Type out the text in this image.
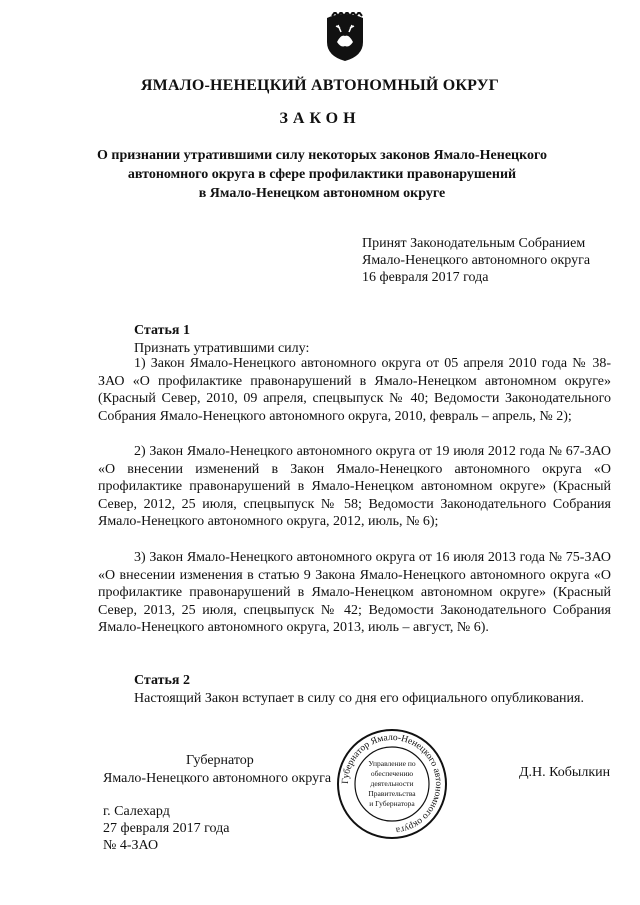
ЯМАЛО-НЕНЕЦКИЙ АВТОНОМНЫЙ ОКРУГ
ЗАКОН
О признании утратившими силу некоторых законов Ямало-Ненецкого
автономного округа в сфере профилактики правонарушений
в Ямало-Ненецком автономном округе
Принят Законодательным Собранием
Ямало-Ненецкого автономного округа
16 февраля 2017 года
Статья 1
Признать утратившими силу:
1) Закон Ямало-Ненецкого автономного округа от 05 апреля 2010 года № 38-ЗАО «О профилактике правонарушений в Ямало-Ненецком автономном округе» (Красный Север, 2010, 09 апреля, спецвыпуск № 40; Ведомости Законодательного Собрания Ямало-Ненецкого автономного округа, 2010, февраль – апрель, № 2);
2) Закон Ямало-Ненецкого автономного округа от 19 июля 2012 года № 67-ЗАО «О внесении изменений в Закон Ямало-Ненецкого автономного округа «О профилактике правонарушений в Ямало-Ненецком автономном округе» (Красный Север, 2012, 25 июля, спецвыпуск № 58; Ведомости Законодательного Собрания Ямало-Ненецкого автономного округа, 2012, июль, № 6);
3) Закон Ямало-Ненецкого автономного округа от 16 июля 2013 года № 75-ЗАО «О внесении изменения в статью 9 Закона Ямало-Ненецкого автономного округа «О профилактике правонарушений в Ямало-Ненецком автономном округе» (Красный Север, 2013, 25 июля, спецвыпуск № 42; Ведомости Законодательного Собрания Ямало-Ненецкого автономного округа, 2013, июль – август, № 6).
Статья 2
Настоящий Закон вступает в силу со дня его официального опубликования.
Губернатор
Ямало-Ненецкого автономного округа	Д.Н. Кобылкин
Губернатор Ямало-Ненецкого автономного округа
Управление по
обеспечению
деятельности
Правительства
и Губернатора
г. Салехард
27 февраля 2017 года
№ 4-ЗАО
